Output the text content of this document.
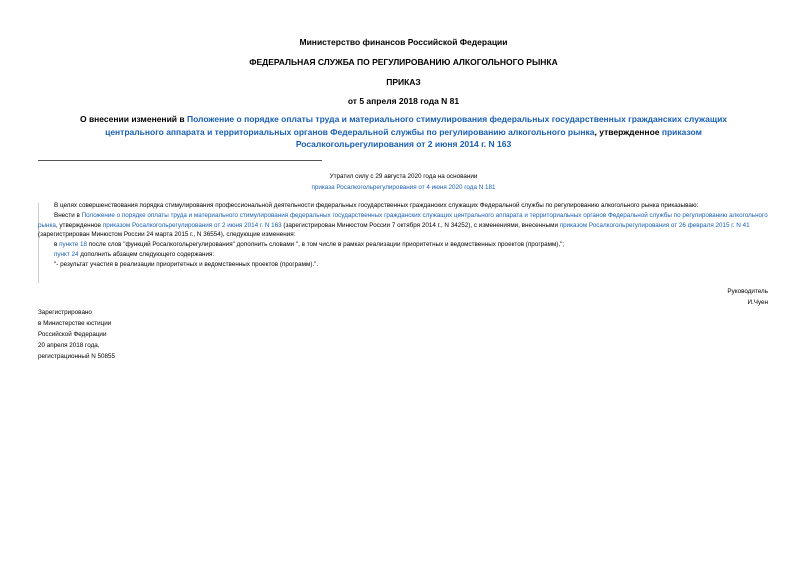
Министерство финансов Российской Федерации
ФЕДЕРАЛЬНАЯ СЛУЖБА ПО РЕГУЛИРОВАНИЮ АЛКОГОЛЬНОГО РЫНКА
ПРИКАЗ
от 5 апреля 2018 года N 81
О внесении изменений в Положение о порядке оплаты труда и материального стимулирования федеральных государственных гражданских служащих центрального аппарата и территориальных органов Федеральной службы по регулированию алкогольного рынка, утвержденное приказом Росалкогольрегулирования от 2 июня 2014 г. N 163
Утратил силу с 29 августа 2020 года на основании
приказа Росалкогольрегулирования от 4 июня 2020 года N 181

В целях совершенствования порядка стимулирования профессиональной деятельности федеральных государственных гражданских служащих Федеральной службы по регулированию алкогольного рынка приказываю:

Внести в Положение о порядке оплаты труда и материального стимулирования федеральных государственных гражданских служащих центрального аппарата и территориальных органов Федеральной службы по регулированию алкогольного рынка, утвержденное приказом Росалкогольрегулирования от 2 июня 2014 г. N 163 (зарегистрирован Минюстом России 7 октября 2014 г., N 34252), с изменениями, внесенными приказом Росалкогольрегулирования от 26 февраля 2015 г. N 41 (зарегистрирован Минюстом России 24 марта 2015 г., N 36554), следующие изменения:

в пункте 18 после слов "функций Росалкогольрегулирования" дополнить словами ", в том числе в рамках реализации приоритетных и ведомственных проектов (программ),";

пункт 24 дополнить абзацем следующего содержания:

"- результат участия в реализации приоритетных и ведомственных проектов (программ).".

Руководитель
И.Чуен
Зарегистрировано
в Министерстве юстиции
Российской Федерации
20 апреля 2018 года,
регистрационный N 50855
